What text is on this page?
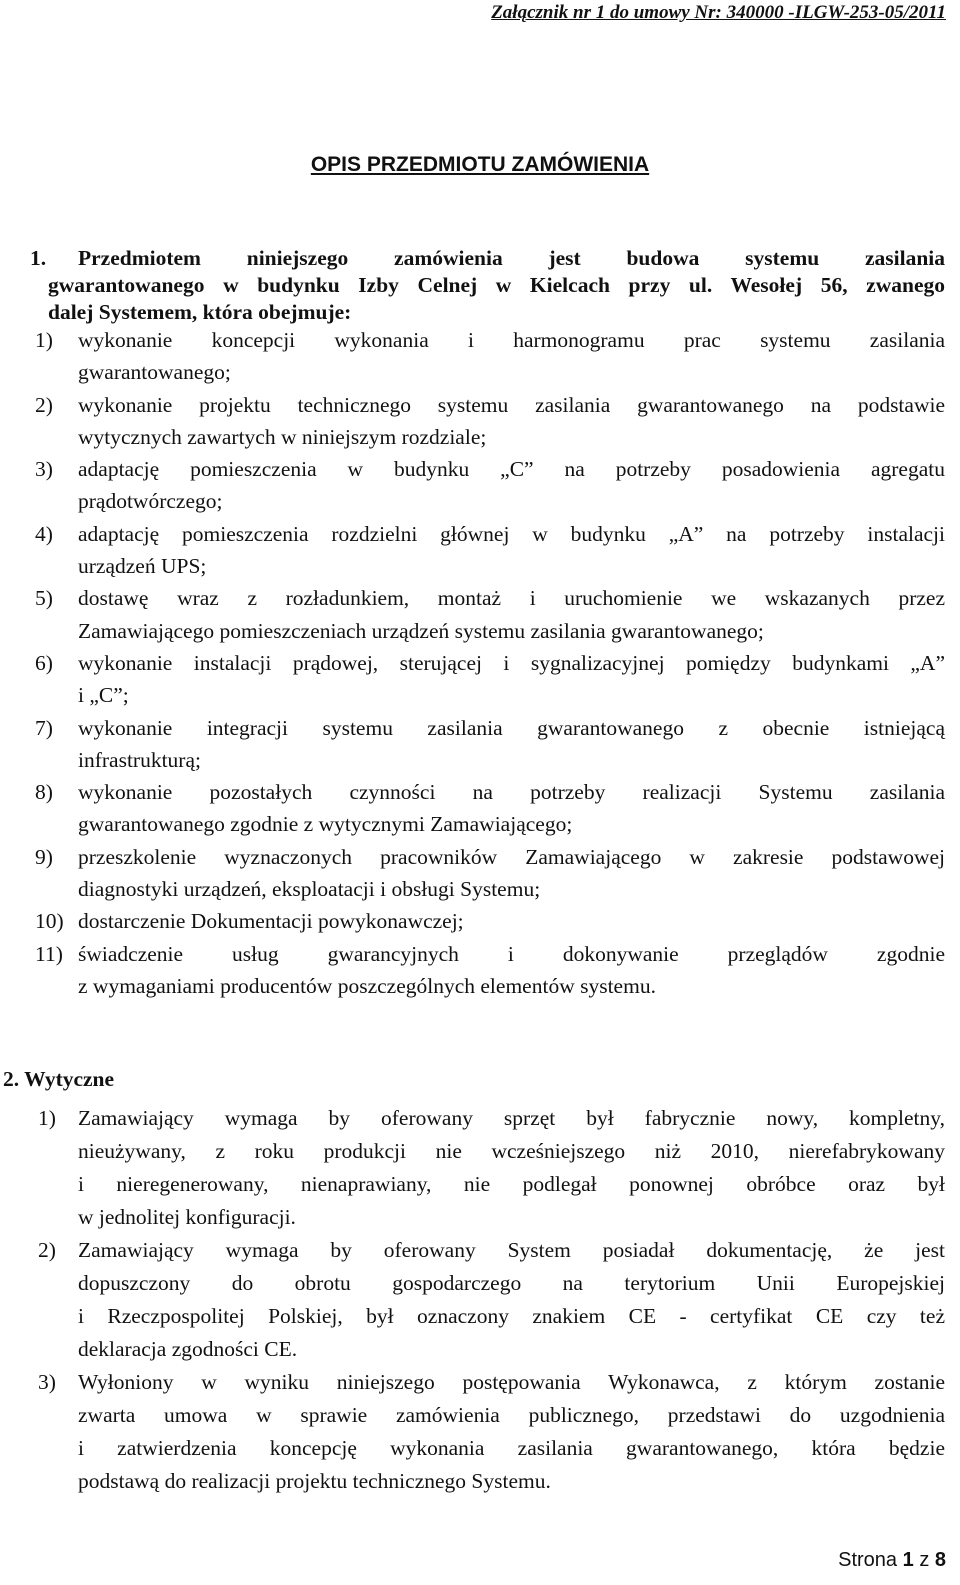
Załącznik nr 1 do umowy Nr: 340000 -ILGW-253-05/2011
OPIS PRZEDMIOTU ZAMÓWIENIA
1. Przedmiotem niniejszego zamówienia jest budowa systemu zasilania
gwarantowanego w budynku Izby Celnej w Kielcach przy ul. Wesołej 56, zwanego
dalej Systemem, która obejmuje:
1) wykonanie koncepcji wykonania i harmonogramu prac systemu zasilania
gwarantowanego;
2) wykonanie projektu technicznego systemu zasilania gwarantowanego na podstawie
wytycznych zawartych w niniejszym rozdziale;
3) adaptację pomieszczenia w budynku „C” na potrzeby posadowienia agregatu
prądotwórczego;
4) adaptację pomieszczenia rozdzielni głównej w budynku „A” na potrzeby instalacji
urządzeń UPS;
5) dostawę wraz z rozładunkiem, montaż i uruchomienie we wskazanych przez
Zamawiającego pomieszczeniach urządzeń systemu zasilania gwarantowanego;
6) wykonanie instalacji prądowej, sterującej i sygnalizacyjnej pomiędzy budynkami „A”
i „C”;
7) wykonanie integracji systemu zasilania gwarantowanego z obecnie istniejącą
infrastrukturą;
8) wykonanie pozostałych czynności na potrzeby realizacji Systemu zasilania
gwarantowanego zgodnie z wytycznymi Zamawiającego;
9) przeszkolenie wyznaczonych pracowników Zamawiającego w zakresie podstawowej
diagnostyki urządzeń, eksploatacji i obsługi Systemu;
10) dostarczenie Dokumentacji powykonawczej;
11) świadczenie usług gwarancyjnych i dokonywanie przeglądów zgodnie
z wymaganiami producentów poszczególnych elementów systemu.
2. Wytyczne
1) Zamawiający wymaga by oferowany sprzęt był fabrycznie nowy, kompletny,
nieużywany, z roku produkcji nie wcześniejszego niż 2010, nierefabrykowany
i nieregenerowany, nienaprawiany, nie podlegał ponownej obróbce oraz był
w jednolitej konfiguracji.
2) Zamawiający wymaga by oferowany System posiadał dokumentację, że jest
dopuszczony do obrotu gospodarczego na terytorium Unii Europejskiej
i Rzeczpospolitej Polskiej, był oznaczony znakiem CE - certyfikat CE czy też
deklaracja zgodności CE.
3) Wyłoniony w wyniku niniejszego postępowania Wykonawca, z którym zostanie
zwarta umowa w sprawie zamówienia publicznego, przedstawi do uzgodnienia
i zatwierdzenia koncepcję wykonania zasilania gwarantowanego, która będzie
podstawą do realizacji projektu technicznego Systemu.
Strona 1 z 8
